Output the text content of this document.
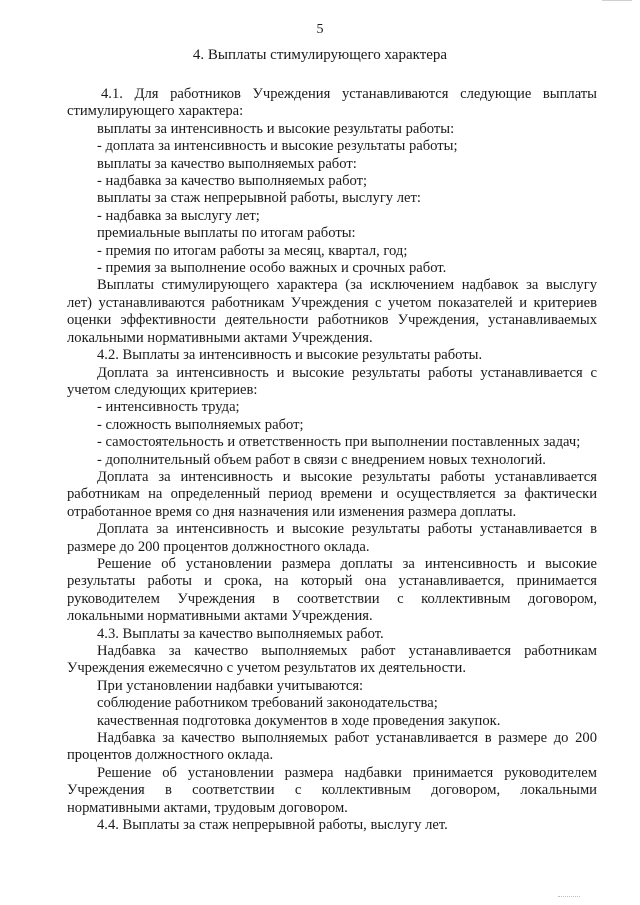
5
4. Выплаты стимулирующего характера
4.1. Для работников Учреждения устанавливаются следующие выплаты
стимулирующего характера:
выплаты за интенсивность и высокие результаты работы:
- доплата за интенсивность и высокие результаты работы;
выплаты за качество выполняемых работ:
- надбавка за качество выполняемых работ;
выплаты за стаж непрерывной работы, выслугу лет:
- надбавка за выслугу лет;
премиальные выплаты по итогам работы:
- премия по итогам работы за месяц, квартал, год;
- премия за выполнение особо важных и срочных работ.
Выплаты стимулирующего характера (за исключением надбавок за выслугу
лет) устанавливаются работникам Учреждения с учетом показателей и критериев
оценки эффективности деятельности работников Учреждения, устанавливаемых
локальными нормативными актами Учреждения.
4.2. Выплаты за интенсивность и высокие результаты работы.
Доплата за интенсивность и высокие результаты работы устанавливается с
учетом следующих критериев:
- интенсивность труда;
- сложность выполняемых работ;
- самостоятельность и ответственность при выполнении поставленных задач;
- дополнительный объем работ в связи с внедрением новых технологий.
Доплата за интенсивность и высокие результаты работы устанавливается
работникам на определенный период времени и осуществляется за фактически
отработанное время со дня назначения или изменения размера доплаты.
Доплата за интенсивность и высокие результаты работы устанавливается в
размере до 200 процентов должностного оклада.
Решение об установлении размера доплаты за интенсивность и высокие
результаты работы и срока, на который она устанавливается, принимается
руководителем Учреждения в соответствии с коллективным договором,
локальными нормативными актами Учреждения.
4.3. Выплаты за качество выполняемых работ.
Надбавка за качество выполняемых работ устанавливается работникам
Учреждения ежемесячно с учетом результатов их деятельности.
При установлении надбавки учитываются:
соблюдение работником требований законодательства;
качественная подготовка документов в ходе проведения закупок.
Надбавка за качество выполняемых работ устанавливается в размере до 200
процентов должностного оклада.
Решение об установлении размера надбавки принимается руководителем
Учреждения в соответствии с коллективным договором, локальными
нормативными актами, трудовым договором.
4.4. Выплаты за стаж непрерывной работы, выслугу лет.
